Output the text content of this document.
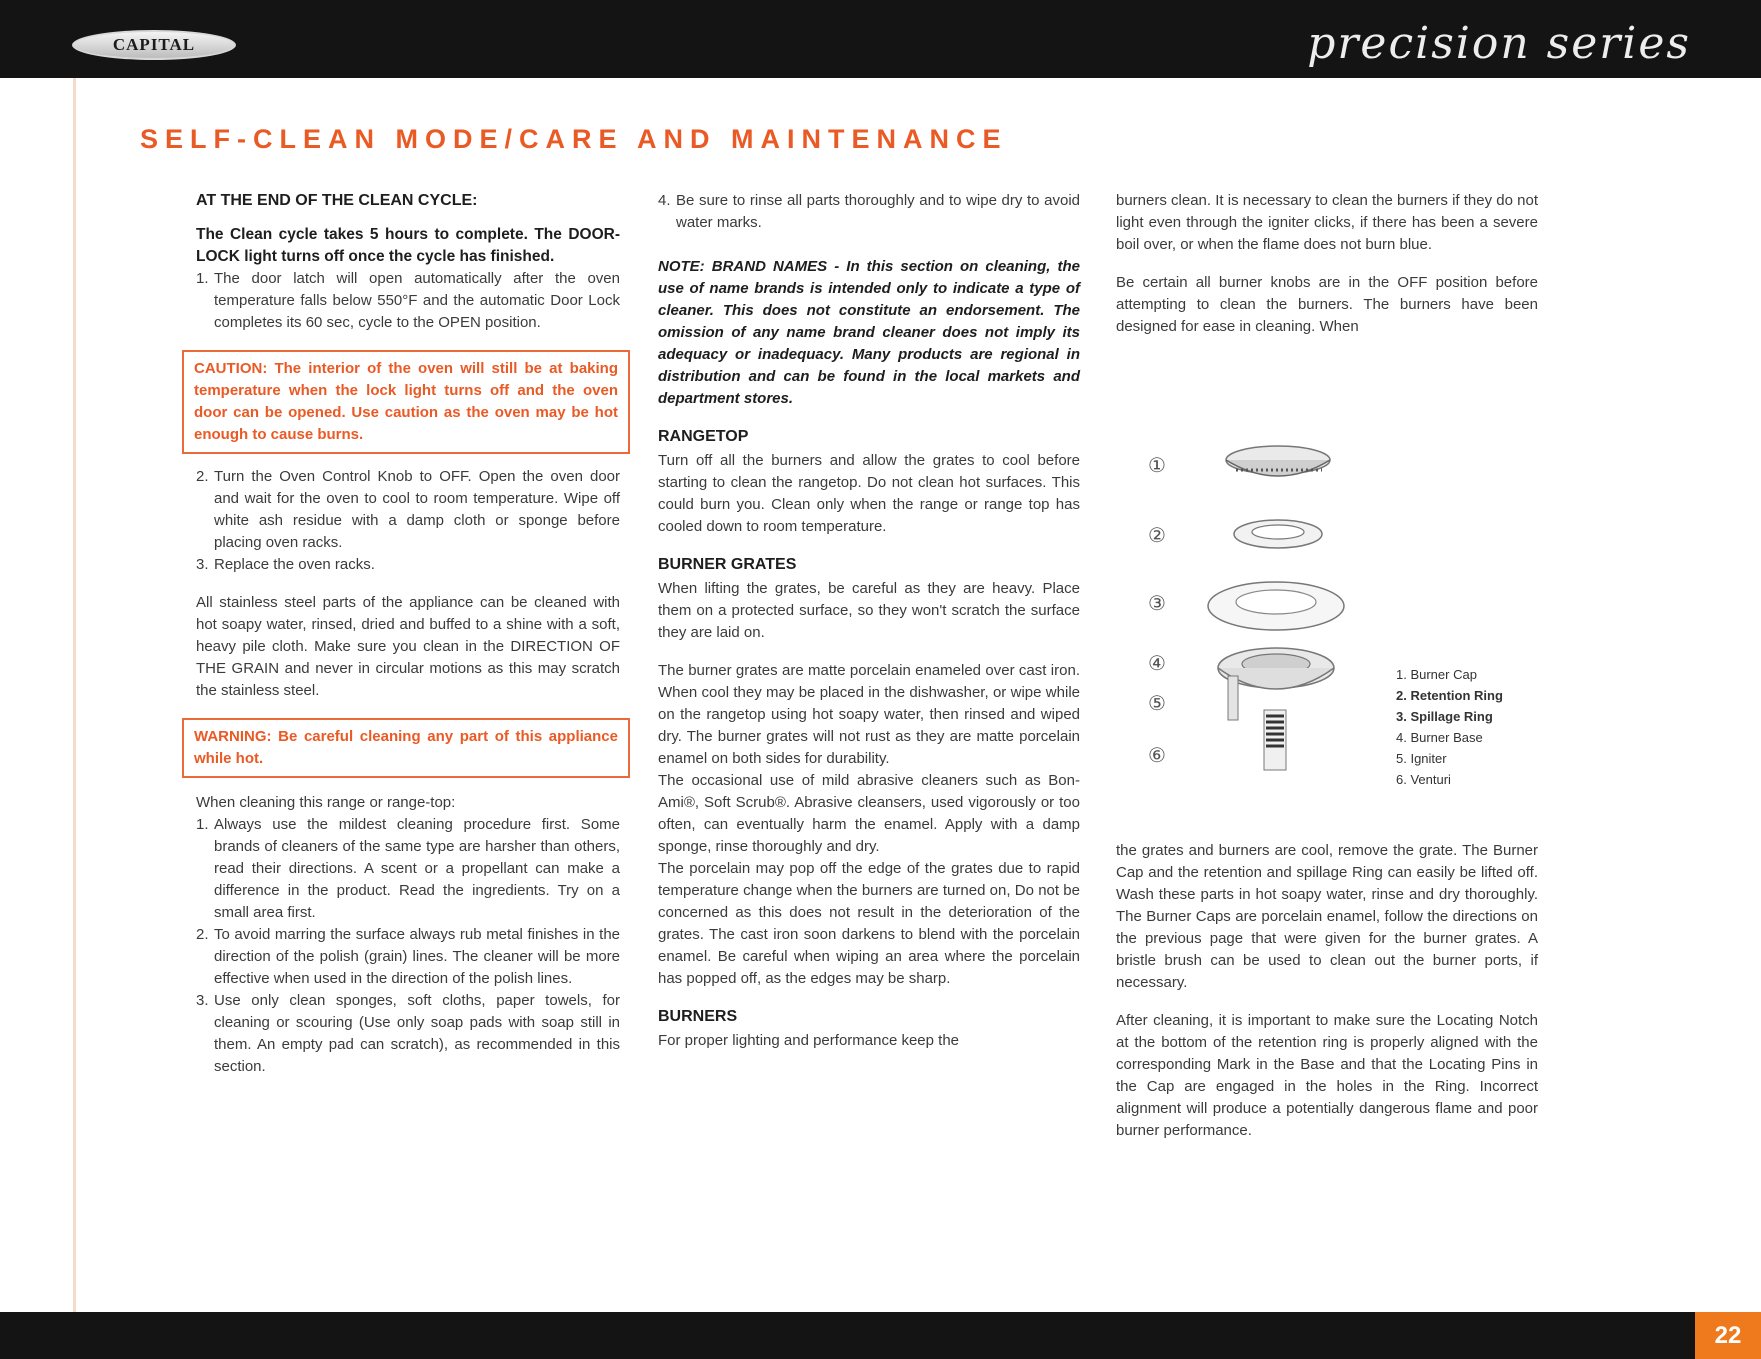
CAPITAL	precision series
SELF-CLEAN MODE/CARE AND MAINTENANCE

AT THE END OF THE CLEAN CYCLE:

The Clean cycle takes 5 hours to complete. The DOOR-LOCK light turns off once the cycle has finished.

1. The door latch will open automatically after the oven temperature falls below 550°F and the automatic Door Lock completes its 60 sec, cycle to the OPEN position.
CAUTION: The interior of the oven will still be at baking temperature when the lock light turns off and the oven door can be opened. Use caution as the oven may be hot enough to cause burns.
2. Turn the Oven Control Knob to OFF. Open the oven door and wait for the oven to cool to room temperature. Wipe off white ash residue with a damp cloth or sponge before placing oven racks.
3. Replace the oven racks.

All stainless steel parts of the appliance can be cleaned with hot soapy water, rinsed, dried and buffed to a shine with a soft, heavy pile cloth. Make sure you clean in the DIRECTION OF THE GRAIN and never in circular motions as this may scratch the stainless steel.

WARNING: Be careful cleaning any part of this appliance while hot.

When cleaning this range or range-top:

1. Always use the mildest cleaning procedure first. Some brands of cleaners of the same type are harsher than others, read their directions. A scent or a propellant can make a difference in the product. Read the ingredients. Try on a small area first.
2. To avoid marring the surface always rub metal finishes in the direction of the polish (grain) lines. The cleaner will be more effective when used in the direction of the polish lines.
3. Use only clean sponges, soft cloths, paper towels, for cleaning or scouring (Use only soap pads with soap still in them. An empty pad can scratch), as recommended in this section.
4. Be sure to rinse all parts thoroughly and to wipe dry to avoid water marks.

NOTE: BRAND NAMES - In this section on cleaning, the use of name brands is intended only to indicate a type of cleaner. This does not constitute an endorsement. The omission of any name brand cleaner does not imply its adequacy or inadequacy. Many products are regional in distribution and can be found in the local markets and department stores.

RANGETOP

Turn off all the burners and allow the grates to cool before starting to clean the rangetop. Do not clean hot surfaces. This could burn you. Clean only when the range or range top has cooled down to room temperature.

BURNER GRATES

When lifting the grates, be careful as they are heavy. Place them on a protected surface, so they won't scratch the surface they are laid on.

The burner grates are matte porcelain enameled over cast iron. When cool they may be placed in the dishwasher, or wipe while on the rangetop using hot soapy water, then rinsed and wiped dry. The burner grates will not rust as they are matte porcelain enamel on both sides for durability.

The occasional use of mild abrasive cleaners such as Bon-Ami®, Soft Scrub®. Abrasive cleansers, used vigorously or too often, can eventually harm the enamel. Apply with a damp sponge, rinse thoroughly and dry.

The porcelain may pop off the edge of the grates due to rapid temperature change when the burners are turned on, Do not be concerned as this does not result in the deterioration of the grates. The cast iron soon darkens to blend with the porcelain enamel. Be careful when wiping an area where the porcelain has popped off, as the edges may be sharp.

BURNERS

For proper lighting and performance keep the

burners clean. It is necessary to clean the burners if they do not light even through the igniter clicks, if there has been a severe boil over, or when the flame does not burn blue.

Be certain all burner knobs are in the OFF position before attempting to clean the burners. The burners have been designed for ease in cleaning. When

the grates and burners are cool, remove the grate. The Burner Cap and the retention and spillage Ring can easily be lifted off. Wash these parts in hot soapy water, rinse and dry thoroughly. The Burner Caps are porcelain enamel, follow the directions on the previous page that were given for the burner grates. A bristle brush can be used to clean out the burner ports, if necessary.

After cleaning, it is important to make sure the Locating Notch at the bottom of the retention ring is properly aligned with the corresponding Mark in the Base and that the Locating Pins in the Cap are engaged in the holes in the Ring. Incorrect alignment will produce a potentially dangerous flame and poor burner performance.

①
②
③
④
⑤
⑥
1. Burner Cap
2. Retention Ring
3. Spillage Ring
4. Burner Base
5. Igniter
6. Venturi
22
